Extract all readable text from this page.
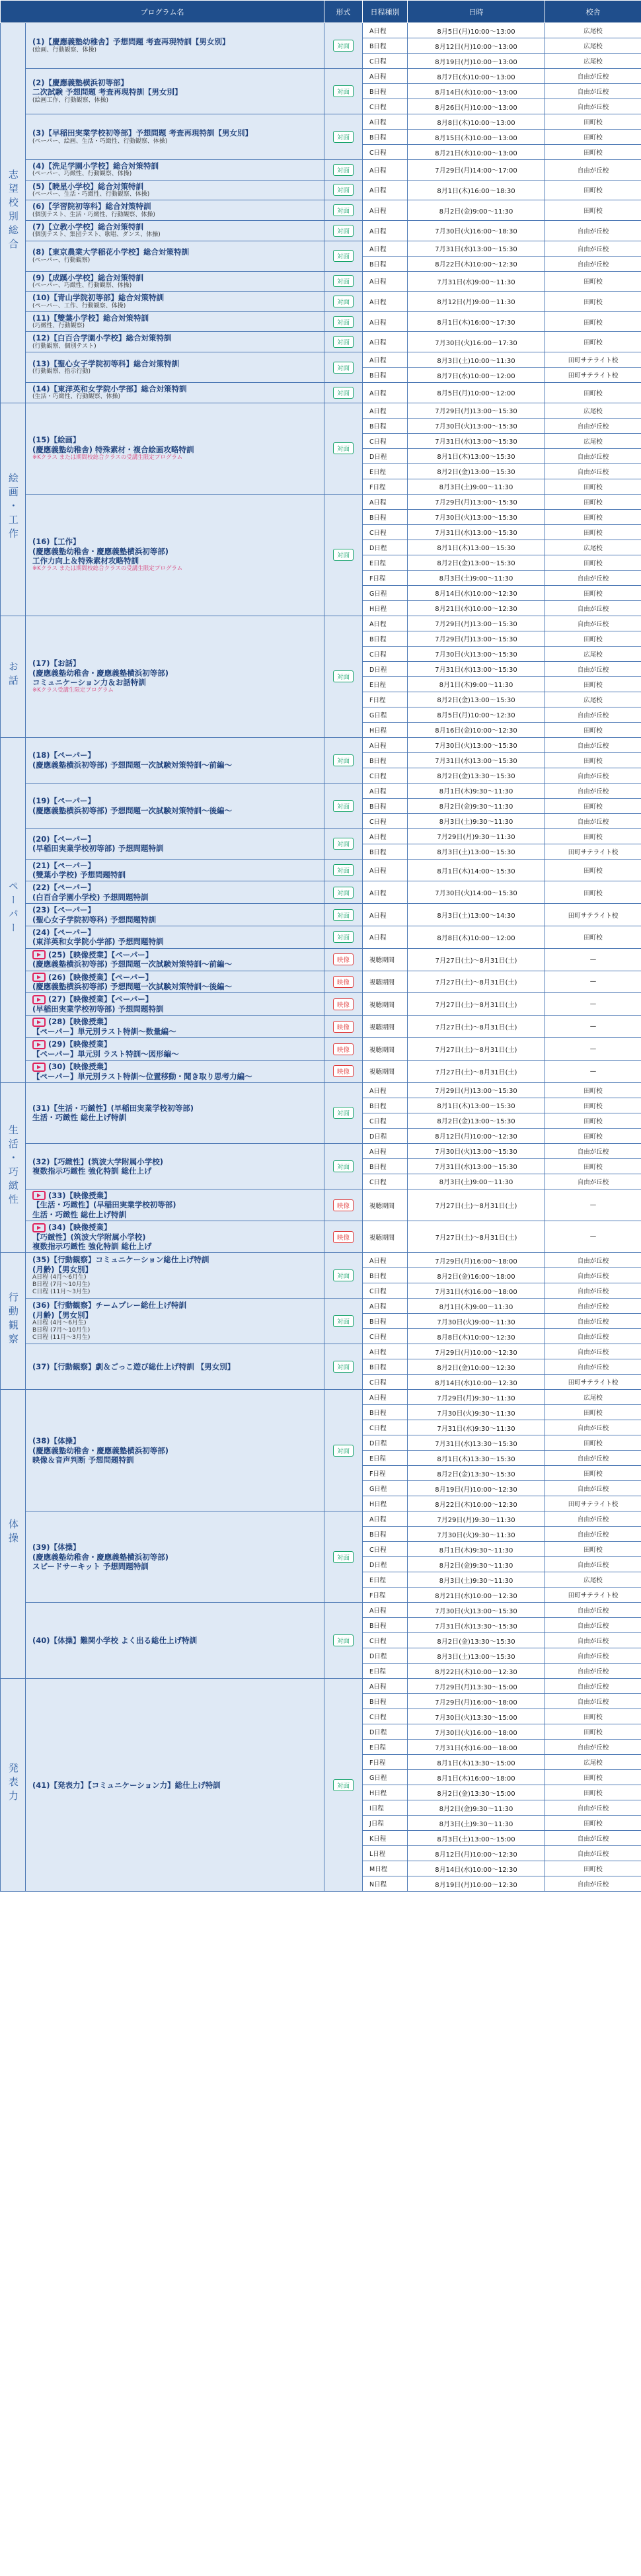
プログラム名		形式	日程種別	日時	校舎
志望校別総合	(1)【慶應義塾幼稚舎】予想問題 考査再現特訓【男女別】
(絵画、行動観察、体操)	対面	A日程	8月5日(月)10:00～13:00	広尾校
			B日程	8月12日(月)10:00～13:00	広尾校
			C日程	8月19日(月)10:00～13:00	広尾校

	(2)【慶應義塾横浜初等部】
二次試験 予想問題 考査再現特訓【男女別】
(絵画工作、行動観察、体操)	対面	A日程	8月7日(水)10:00～13:00	自由が丘校
			B日程	8月14日(水)10:00～13:00	自由が丘校
			C日程	8月26日(月)10:00～13:00	自由が丘校

	(3)【早稲田実業学校初等部】予想問題 考査再現特訓【男女別】
(ペーパー、絵画、生活・巧緻性、行動観察、体操)	対面	A日程	8月8日(木)10:00～13:00	田町校
			B日程	8月15日(木)10:00～13:00	田町校
			C日程	8月21日(水)10:00～13:00	田町校

	(4)【洗足学園小学校】総合対策特訓
(ペーパー、巧緻性、行動観察、体操)	対面	A日程	7月29日(月)14:00～17:00	自由が丘校

	(5)【暁星小学校】総合対策特訓
(ペーパー、生活・巧緻性、行動観察、体操)	対面	A日程	8月1日(木)16:00～18:30	田町校

	(6)【学習院初等科】総合対策特訓
(個別テスト、生活・巧緻性、行動観察、体操)	対面	A日程	8月2日(金)9:00～11:30	田町校

	(7)【立教小学校】総合対策特訓
(個別テスト、集団テスト、歌唱、ダンス、体操)	対面	A日程	7月30日(火)16:00～18:30	自由が丘校

	(8)【東京農業大学稲花小学校】総合対策特訓
(ペーパー、行動観察)	対面	A日程	7月31日(水)13:00～15:30	自由が丘校
			B日程	8月22日(木)10:00～12:30	自由が丘校

	(9)【成蹊小学校】総合対策特訓
(ペーパー、巧緻性、行動観察、体操)	対面	A日程	7月31日(水)9:00～11:30	田町校

	(10)【青山学院初等部】総合対策特訓
(ペーパー、工作、行動観察、体操)	対面	A日程	8月12日(月)9:00～11:30	田町校

	(11)【雙葉小学校】総合対策特訓
(巧緻性、行動観察)	対面	A日程	8月1日(木)16:00～17:30	田町校

	(12)【白百合学園小学校】総合対策特訓
(行動観察、個別テスト)	対面	A日程	7月30日(火)16:00～17:30	田町校

	(13)【聖心女子学院初等科】総合対策特訓
(行動観察、指示行動)	対面	A日程	8月3日(土)10:00～11:30	田町サテライト校
			B日程	8月7日(水)10:00～12:00	田町サテライト校

	(14)【東洋英和女学院小学部】総合対策特訓
(生活・巧緻性、行動観察、体操)	対面	A日程	8月5日(月)10:00～12:00	田町校
絵画・工作	(15)【絵画】
(慶應義塾幼稚舎) 特殊素材・複合絵画攻略特訓
※Kクラス または期間校総合クラスの受講生限定プログラム	対面	A日程	7月29日(月)13:00～15:30	広尾校
			B日程	7月30日(火)13:00～15:30	自由が丘校
			C日程	7月31日(水)13:00～15:30	広尾校
			D日程	8月1日(木)13:00～15:30	自由が丘校
			E日程	8月2日(金)13:00～15:30	自由が丘校
			F日程	8月3日(土)9:00～11:30	田町校

	(16)【工作】
(慶應義塾幼稚舎・慶應義塾横浜初等部)
工作力向上＆特殊素材攻略特訓
※Kクラス または期間校総合クラスの受講生限定プログラム	対面	A日程	7月29日(月)13:00～15:30	田町校
			B日程	7月30日(火)13:00～15:30	田町校
			C日程	7月31日(水)13:00～15:30	田町校
			D日程	8月1日(木)13:00～15:30	広尾校
			E日程	8月2日(金)13:00～15:30	田町校
			F日程	8月3日(土)9:00～11:30	自由が丘校
			G日程	8月14日(水)10:00～12:30	田町校
			H日程	8月21日(水)10:00～12:30	自由が丘校
お話	(17)【お話】
(慶應義塾幼稚舎・慶應義塾横浜初等部)
コミュニケーション力＆お話特訓
※Kクラス受講生限定プログラム	対面	A日程	7月29日(月)13:00～15:30	自由が丘校
			B日程	7月29日(月)13:00～15:30	田町校
			C日程	7月30日(火)13:00～15:30	広尾校
			D日程	7月31日(水)13:00～15:30	自由が丘校
			E日程	8月1日(木)9:00～11:30	田町校
			F日程	8月2日(金)13:00～15:30	広尾校
			G日程	8月5日(月)10:00～12:30	自由が丘校
			H日程	8月16日(金)10:00～12:30	田町校
ペーパー	(18)【ペーパー】
(慶應義塾横浜初等部) 予想問題一次試験対策特訓～前編～	対面	A日程	7月30日(火)13:00～15:30	自由が丘校
			B日程	7月31日(水)13:00～15:30	田町校
			C日程	8月2日(金)13:30～15:30	自由が丘校

	(19)【ペーパー】
(慶應義塾横浜初等部) 予想問題一次試験対策特訓～後編～	対面	A日程	8月1日(木)9:30～11:30	自由が丘校
			B日程	8月2日(金)9:30～11:30	田町校
			C日程	8月3日(土)9:30～11:30	自由が丘校

	(20)【ペーパー】
(早稲田実業学校初等部) 予想問題特訓	対面	A日程	7月29日(月)9:30～11:30	田町校
			B日程	8月3日(土)13:00～15:30	田町サテライト校

	(21)【ペーパー】
(雙葉小学校) 予想問題特訓	対面	A日程	8月1日(木)14:00～15:30	田町校

	(22)【ペーパー】
(白百合学園小学校) 予想問題特訓	対面	A日程	7月30日(火)14:00～15:30	田町校

	(23)【ペーパー】
(聖心女子学院初等科) 予想問題特訓	対面	A日程	8月3日(土)13:00～14:30	田町サテライト校

	(24)【ペーパー】
(東洋英和女学院小学部) 予想問題特訓	対面	A日程	8月8日(木)10:00～12:00	田町校

	(25)【映像授業】【ペーパー】
(慶應義塾横浜初等部) 予想問題一次試験対策特訓～前編～	映像	視聴期間	7月27日(土)～8月31日(土)	—

	(26)【映像授業】【ペーパー】
(慶應義塾横浜初等部) 予想問題一次試験対策特訓～後編～	映像	視聴期間	7月27日(土)～8月31日(土)	—

	(27)【映像授業】【ペーパー】
(早稲田実業学校初等部) 予想問題特訓	映像	視聴期間	7月27日(土)～8月31日(土)	—

	(28)【映像授業】
【ペーパー】単元別ラスト特訓～数量編～	映像	視聴期間	7月27日(土)～8月31日(土)	—

	(29)【映像授業】
【ペーパー】単元別 ラスト特訓～図形編～	映像	視聴期間	7月27日(土)～8月31日(土)	—

	(30)【映像授業】
【ペーパー】単元別ラスト特訓～位置移動・聞き取り思考力編～	映像	視聴期間	7月27日(土)～8月31日(土)	—
生活・巧緻性	(31)【生活・巧緻性】(早稲田実業学校初等部)
生活・巧緻性 総仕上げ特訓	対面	A日程	7月29日(月)13:00～15:30	田町校
			B日程	8月1日(木)13:00～15:30	田町校
			C日程	8月2日(金)13:00～15:30	田町校
			D日程	8月12日(月)10:00～12:30	田町校

	(32)【巧緻性】(筑波大学附属小学校)
複数指示巧緻性 強化特訓 総仕上げ	対面	A日程	7月30日(火)13:00～15:30	自由が丘校
			B日程	7月31日(水)13:00～15:30	田町校
			C日程	8月3日(土)9:00～11:30	自由が丘校

	(33)【映像授業】
【生活・巧緻性】(早稲田実業学校初等部)
生活・巧緻性 総仕上げ特訓	映像	視聴期間	7月27日(土)～8月31日(土)	—

	(34)【映像授業】
【巧緻性】(筑波大学附属小学校)
複数指示巧緻性 強化特訓 総仕上げ	映像	視聴期間	7月27日(土)～8月31日(土)	—
行動観察	(35)【行動観察】コミュニケーション総仕上げ特訓
(月齢)【男女別】
A日程 (4月～6月生)
B日程 (7月～10月生)
C日程 (11月～3月生)	対面	A日程	7月29日(月)16:00～18:00	自由が丘校
			B日程	8月2日(金)16:00～18:00	自由が丘校
			C日程	7月31日(水)16:00～18:00	自由が丘校

	(36)【行動観察】チームプレー総仕上げ特訓
(月齢)【男女別】
A日程 (4月～6月生)
B日程 (7月～10月生)
C日程 (11月～3月生)	対面	A日程	8月1日(木)9:00～11:30	自由が丘校
			B日程	7月30日(火)9:00～11:30	自由が丘校
			C日程	8月8日(木)10:00～12:30	自由が丘校

	(37)【行動観察】劇＆ごっこ遊び総仕上げ特訓 【男女別】	対面	A日程	7月29日(月)10:00～12:30	自由が丘校
			B日程	8月2日(金)10:00～12:30	自由が丘校
			C日程	8月14日(水)10:00～12:30	田町サテライト校
体操	(38)【体操】
(慶應義塾幼稚舎・慶應義塾横浜初等部)
映像＆音声判断 予想問題特訓	対面	A日程	7月29日(月)9:30～11:30	広尾校
			B日程	7月30日(火)9:30～11:30	田町校
			C日程	7月31日(水)9:30～11:30	自由が丘校
			D日程	7月31日(水)13:30～15:30	田町校
			E日程	8月1日(木)13:30～15:30	自由が丘校
			F日程	8月2日(金)13:30～15:30	田町校
			G日程	8月19日(月)10:00～12:30	自由が丘校
			H日程	8月22日(木)10:00～12:30	田町サテライト校

	(39)【体操】
(慶應義塾幼稚舎・慶應義塾横浜初等部)
スピードサーキット 予想問題特訓	対面	A日程	7月29日(月)9:30～11:30	自由が丘校
			B日程	7月30日(火)9:30～11:30	自由が丘校
			C日程	8月1日(木)9:30～11:30	田町校
			D日程	8月2日(金)9:30～11:30	自由が丘校
			E日程	8月3日(土)9:30～11:30	広尾校
			F日程	8月21日(水)10:00～12:30	田町サテライト校

	(40)【体操】難関小学校 よく出る総仕上げ特訓	対面	A日程	7月30日(火)13:00～15:30	自由が丘校
			B日程	7月31日(水)13:30～15:30	自由が丘校
			C日程	8月2日(金)13:30～15:30	自由が丘校
			D日程	8月3日(土)13:00～15:30	自由が丘校
			E日程	8月22日(木)10:00～12:30	自由が丘校
発表力	(41)【発表力】【コミュニケーション力】総仕上げ特訓	対面	A日程	7月29日(月)13:30～15:00	自由が丘校
			B日程	7月29日(月)16:00～18:00	自由が丘校
			C日程	7月30日(火)13:30～15:00	田町校
			D日程	7月30日(火)16:00～18:00	田町校
			E日程	7月31日(水)16:00～18:00	自由が丘校
			F日程	8月1日(木)13:30～15:00	広尾校
			G日程	8月1日(木)16:00～18:00	田町校
			H日程	8月2日(金)13:30～15:00	田町校
			I日程	8月2日(金)9:30～11:30	自由が丘校
			J日程	8月3日(土)9:30～11:30	田町校
			K日程	8月3日(土)13:00～15:00	自由が丘校
			L日程	8月12日(月)10:00～12:30	自由が丘校
			M日程	8月14日(水)10:00～12:30	田町校
			N日程	8月19日(月)10:00～12:30	自由が丘校
